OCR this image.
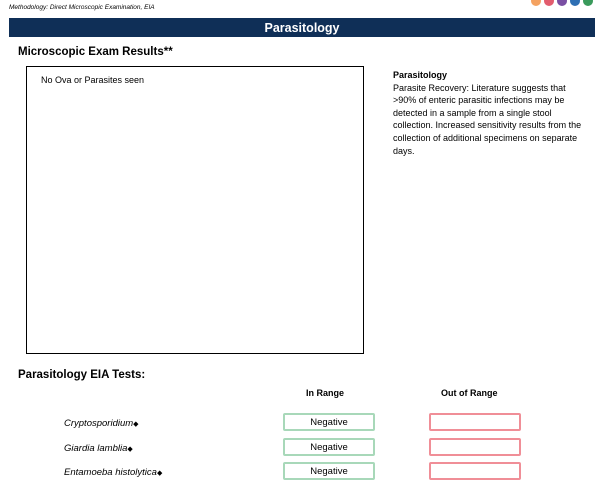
Methodology: Direct Microscopic Examination, EIA
Parasitology
Microscopic Exam Results**
No Ova or Parasites seen	Parasitology
Parasite Recovery: Literature suggests that >90% of enteric parasitic infections may be detected in a sample from a single stool collection. Increased sensitivity results from the collection of additional specimens on separate days.
Parasitology EIA Tests:
In Range	Out of Range
Cryptosporidium◆	Negative
Giardia lamblia◆	Negative
Entamoeba histolytica◆	Negative
